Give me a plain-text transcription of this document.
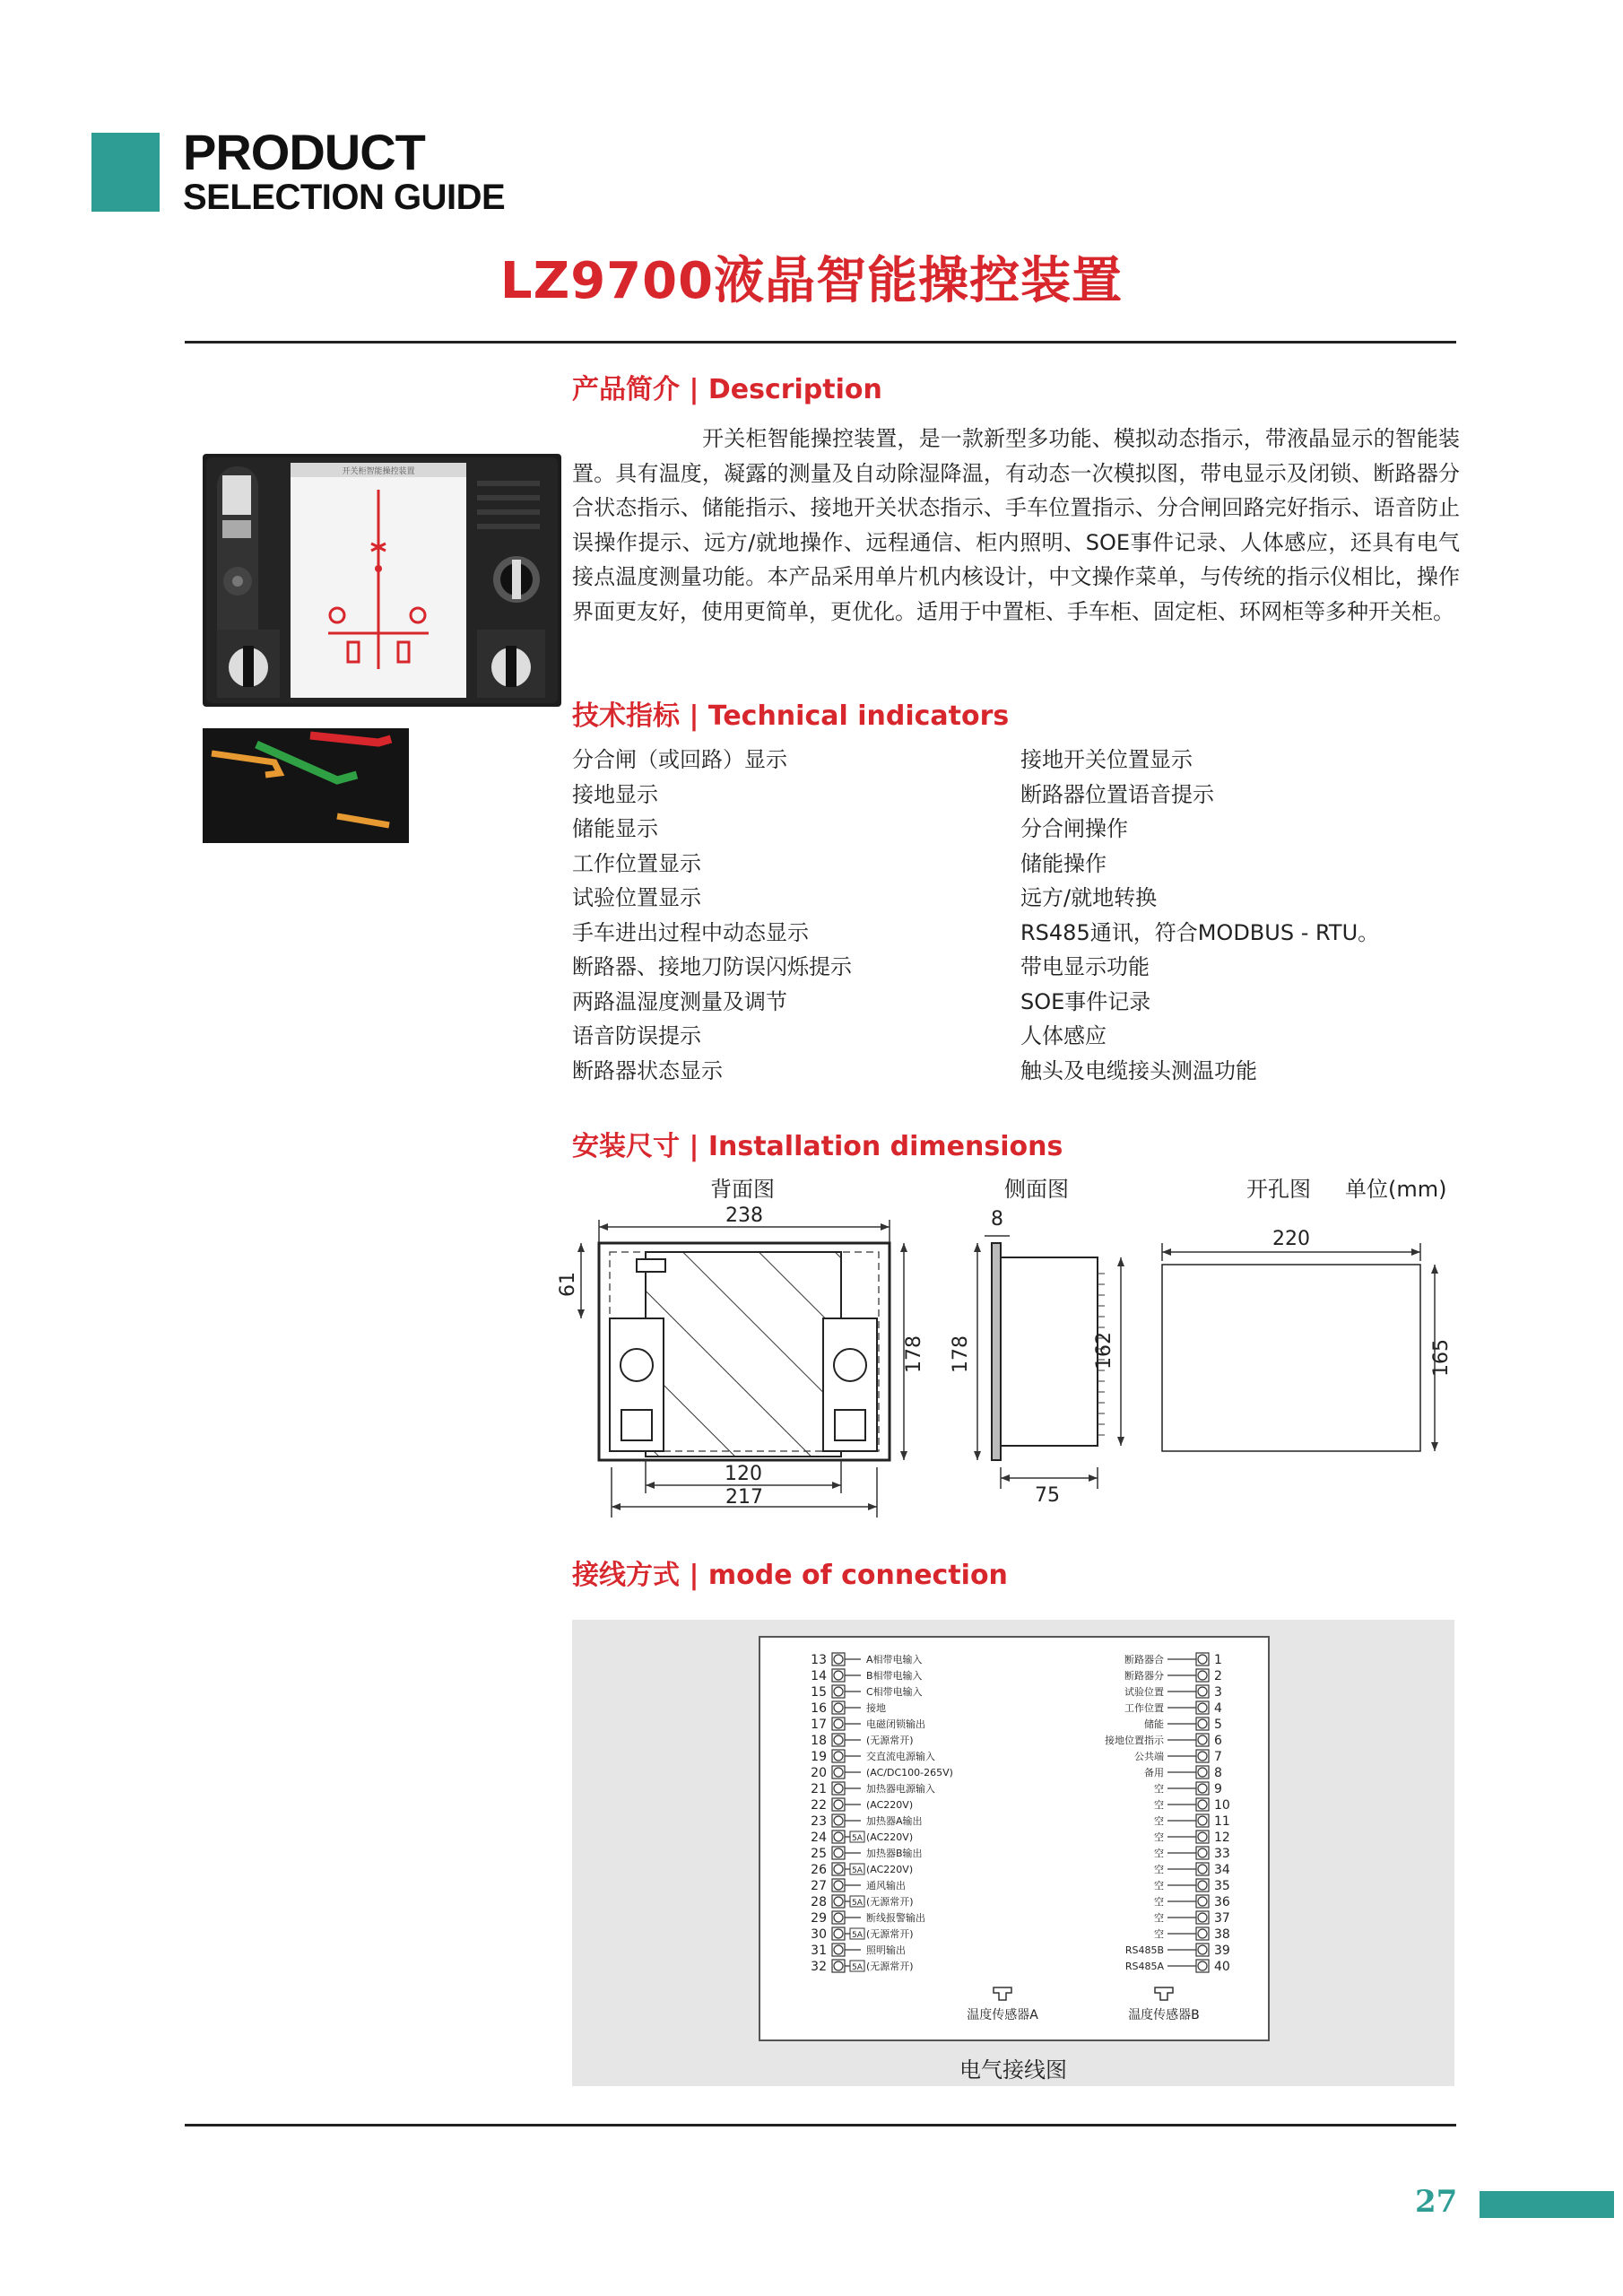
PRODUCT
SELECTION GUIDE
LZ9700液晶智能操控装置
开关柜智能操控装置
产品简介 | Description
开关柜智能操控装置，是一款新型多功能、模拟动态指示，带液晶显示的智能装置。具有温度，凝露的测量及自动除湿降温，有动态一次模拟图，带电显示及闭锁、断路器分合状态指示、储能指示、接地开关状态指示、手车位置指示、分合闸回路完好指示、语音防止误操作提示、远方/就地操作、远程通信、柜内照明、SOE事件记录、人体感应，还具有电气接点温度测量功能。本产品采用单片机内核设计，中文操作菜单，与传统的指示仪相比，操作界面更友好，使用更简单，更优化。适用于中置柜、手车柜、固定柜、环网柜等多种开关柜。
技术指标 | Technical indicators
分合闸（或回路）显示
接地显示
储能显示
工作位置显示
试验位置显示
手车进出过程中动态显示
断路器、接地刀防误闪烁提示
两路温湿度测量及调节
语音防误提示
断路器状态显示
接地开关位置显示
断路器位置语音提示
分合闸操作
储能操作
远方/就地转换
RS485通讯，符合MODBUS - RTU。
带电显示功能
SOE事件记录
人体感应
触头及电缆接头测温功能
安装尺寸 | Installation dimensions
背面图	侧面图	开孔图 单位(mm)
238
61
178
120
217
8
178	162
75
220
165
接线方式 | mode of connection
13	A相带电输入
14	B相带电输入
15	C相带电输入
16	接地
17	电磁闭锁输出
18	(无源常开)
19	交直流电源输入
20	(AC/DC100-265V)
21	加热器电源输入
22	(AC220V)
23	加热器A输出
24	5A (AC220V)
25	加热器B输出
26	5A (AC220V)
27	通风输出
28	5A (无源常开)
29	断线报警输出
30	5A (无源常开)
31	照明输出
32	5A (无源常开)
断路器合	1
断路器分	2
试验位置	3
工作位置	4
储能	5
接地位置指示	6
公共端	7
备用	8
空	9
空	10
空	11
空	12
空	33
空	34
空	35
空	36
空	37
空	38
RS485B	39
RS485A	40
温度传感器A	温度传感器B
电气接线图
27
